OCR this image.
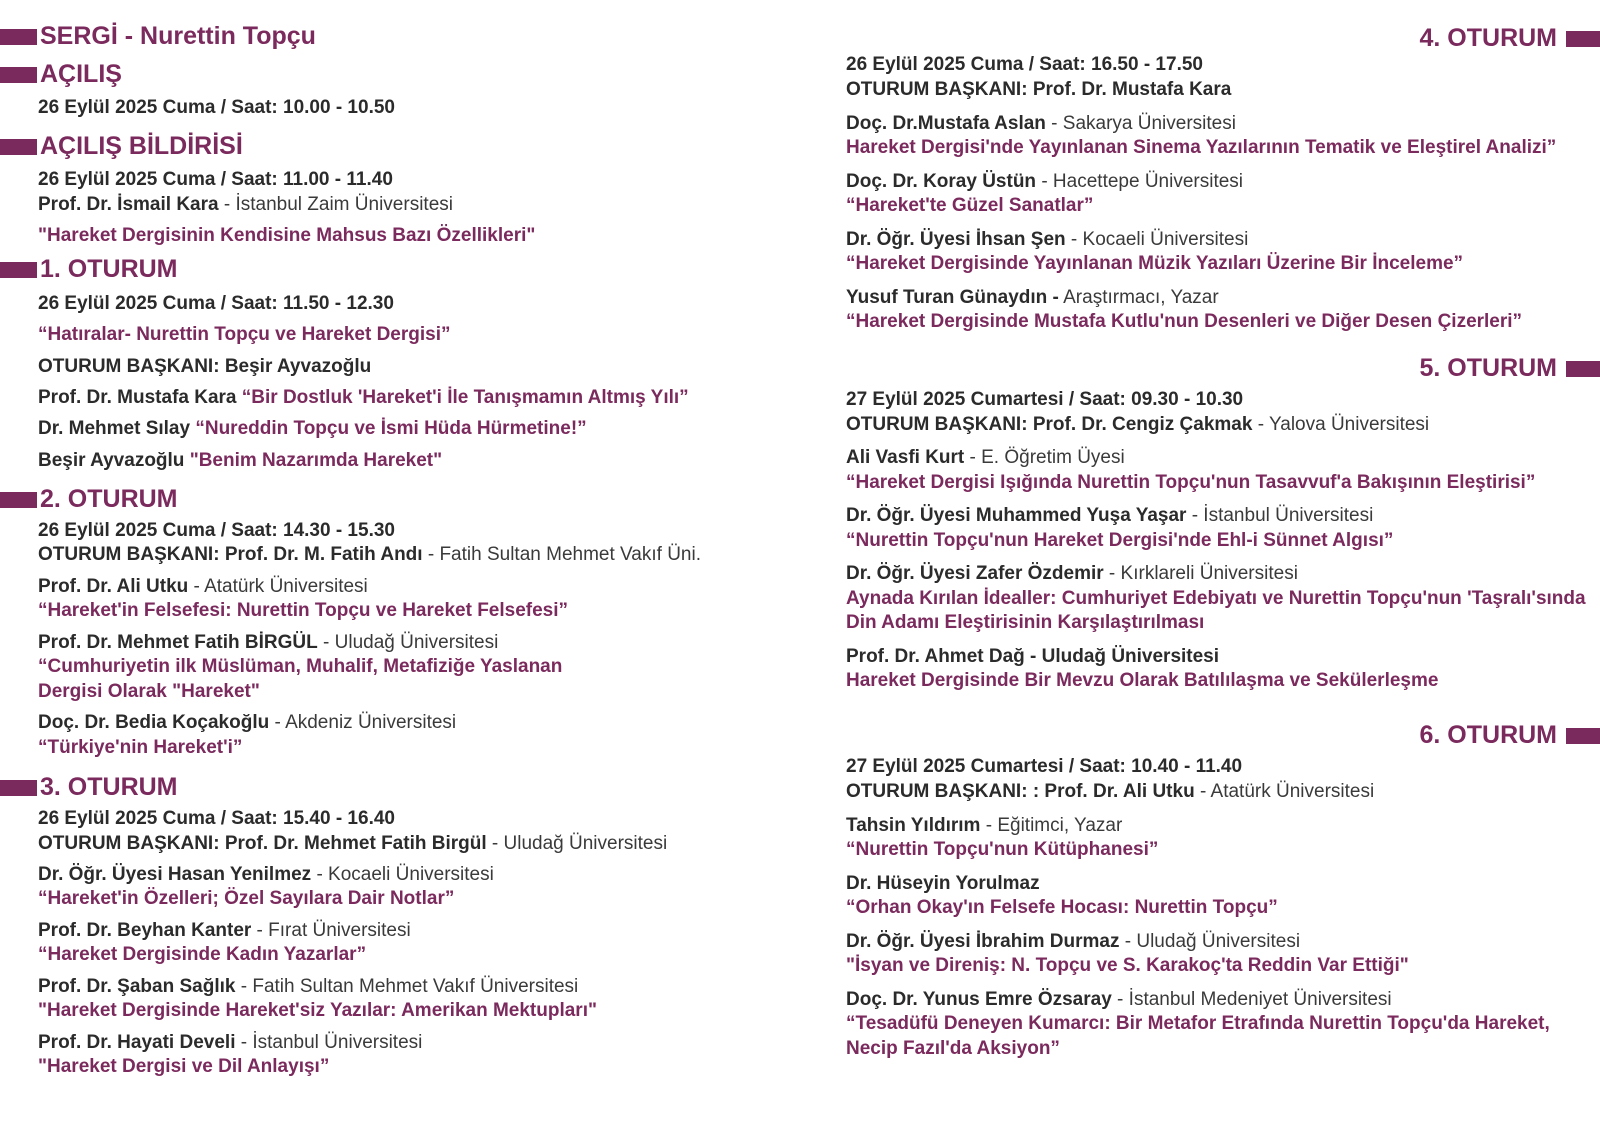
SERGİ - Nurettin Topçu
AÇILIŞ
26 Eylül 2025 Cuma / Saat: 10.00 - 10.50
AÇILIŞ BİLDİRİSİ
26 Eylül 2025 Cuma / Saat: 11.00 - 11.40
Prof. Dr. İsmail Kara - İstanbul Zaim Üniversitesi
"Hareket Dergisinin Kendisine Mahsus Bazı Özellikleri"
1. OTURUM
26 Eylül 2025 Cuma / Saat: 11.50 - 12.30
“Hatıralar- Nurettin Topçu ve Hareket Dergisi”
OTURUM BAŞKANI: Beşir Ayvazoğlu
Prof. Dr. Mustafa Kara “Bir Dostluk 'Hareket'i İle Tanışmamın Altmış Yılı”
Dr. Mehmet Sılay “Nureddin Topçu ve İsmi Hüda Hürmetine!”
Beşir Ayvazoğlu "Benim Nazarımda Hareket"
2. OTURUM
26 Eylül 2025 Cuma / Saat: 14.30 - 15.30
OTURUM BAŞKANI: Prof. Dr. M. Fatih Andı - Fatih Sultan Mehmet Vakıf Üni.
Prof. Dr. Ali Utku - Atatürk Üniversitesi
“Hareket'in Felsefesi: Nurettin Topçu ve Hareket Felsefesi”
Prof. Dr. Mehmet Fatih BİRGÜL - Uludağ Üniversitesi
“Cumhuriyetin ilk Müslüman, Muhalif, Metafiziğe Yaslanan
Dergisi Olarak "Hareket"
Doç. Dr. Bedia Koçakoğlu - Akdeniz Üniversitesi
“Türkiye'nin Hareket'i”
3. OTURUM
26 Eylül 2025 Cuma / Saat: 15.40 - 16.40
OTURUM BAŞKANI: Prof. Dr. Mehmet Fatih Birgül - Uludağ Üniversitesi
Dr. Öğr. Üyesi Hasan Yenilmez - Kocaeli Üniversitesi
“Hareket'in Özelleri; Özel Sayılara Dair Notlar”
Prof. Dr. Beyhan Kanter - Fırat Üniversitesi
“Hareket Dergisinde Kadın Yazarlar”
Prof. Dr. Şaban Sağlık - Fatih Sultan Mehmet Vakıf Üniversitesi
"Hareket Dergisinde Hareket'siz Yazılar: Amerikan Mektupları"
Prof. Dr. Hayati Develi - İstanbul Üniversitesi
"Hareket Dergisi ve Dil Anlayışı”
4. OTURUM
26 Eylül 2025 Cuma / Saat: 16.50 - 17.50
OTURUM BAŞKANI: Prof. Dr. Mustafa Kara
Doç. Dr.Mustafa Aslan - Sakarya Üniversitesi
Hareket Dergisi'nde Yayınlanan Sinema Yazılarının Tematik ve Eleştirel Analizi”
Doç. Dr. Koray Üstün - Hacettepe Üniversitesi
“Hareket'te Güzel Sanatlar”
Dr. Öğr. Üyesi İhsan Şen - Kocaeli Üniversitesi
“Hareket Dergisinde Yayınlanan Müzik Yazıları Üzerine Bir İnceleme”
Yusuf Turan Günaydın - Araştırmacı, Yazar
“Hareket Dergisinde Mustafa Kutlu'nun Desenleri ve Diğer Desen Çizerleri”
5. OTURUM
27 Eylül 2025 Cumartesi / Saat: 09.30 - 10.30
OTURUM BAŞKANI: Prof. Dr. Cengiz Çakmak - Yalova Üniversitesi
Ali Vasfi Kurt - E. Öğretim Üyesi
“Hareket Dergisi Işığında Nurettin Topçu'nun Tasavvuf'a Bakışının Eleştirisi”
Dr. Öğr. Üyesi Muhammed Yuşa Yaşar - İstanbul Üniversitesi
“Nurettin Topçu'nun Hareket Dergisi'nde Ehl-i Sünnet Algısı”
Dr. Öğr. Üyesi Zafer Özdemir - Kırklareli Üniversitesi
Aynada Kırılan İdealler: Cumhuriyet Edebiyatı ve Nurettin Topçu'nun 'Taşralı'sında
Din Adamı Eleştirisinin Karşılaştırılması
Prof. Dr. Ahmet Dağ - Uludağ Üniversitesi
Hareket Dergisinde Bir Mevzu Olarak Batılılaşma ve Sekülerleşme
6. OTURUM
27 Eylül 2025 Cumartesi / Saat: 10.40 - 11.40
OTURUM BAŞKANI: : Prof. Dr. Ali Utku - Atatürk Üniversitesi
Tahsin Yıldırım - Eğitimci, Yazar
“Nurettin Topçu'nun Kütüphanesi”
Dr. Hüseyin Yorulmaz
“Orhan Okay'ın Felsefe Hocası: Nurettin Topçu”
Dr. Öğr. Üyesi İbrahim Durmaz - Uludağ Üniversitesi
"İsyan ve Direniş: N. Topçu ve S. Karakoç'ta Reddin Var Ettiği"
Doç. Dr. Yunus Emre Özsaray - İstanbul Medeniyet Üniversitesi
“Tesadüfü Deneyen Kumarcı: Bir Metafor Etrafında Nurettin Topçu'da Hareket,
Necip Fazıl'da Aksiyon”
